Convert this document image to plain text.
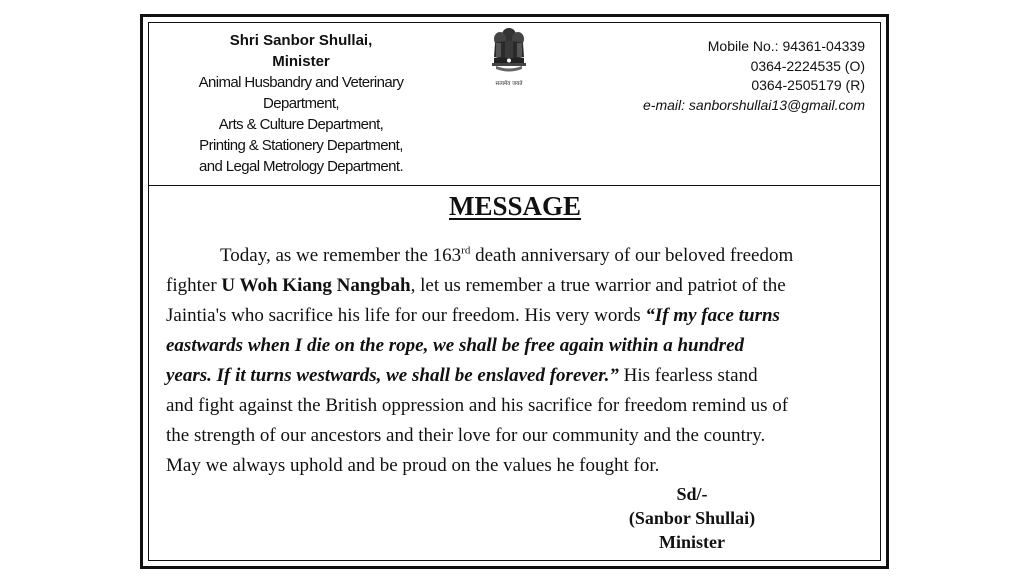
Shri Sanbor Shullai,
Minister
Animal Husbandry and Veterinary
Department,
Arts & Culture Department,
Printing & Stationery Department,
and Legal Metrology Department.
सत्यमेव जयते
Mobile No.: 94361-04339
0364-2224535 (O)
0364-2505179 (R)
e-mail: sanborshullai13@gmail.com
MESSAGE
Today, as we remember the 163rd death anniversary of our beloved freedom
fighter U Woh Kiang Nangbah, let us remember a true warrior and patriot of the
Jaintia's who sacrifice his life for our freedom. His very words “If my face turns
eastwards when I die on the rope, we shall be free again within a hundred
years. If it turns westwards, we shall be enslaved forever.” His fearless stand
and fight against the British oppression and his sacrifice for freedom remind us of
the strength of our ancestors and their love for our community and the country.
May we always uphold and be proud on the values he fought for.
Sd/-
(Sanbor Shullai)
Minister
